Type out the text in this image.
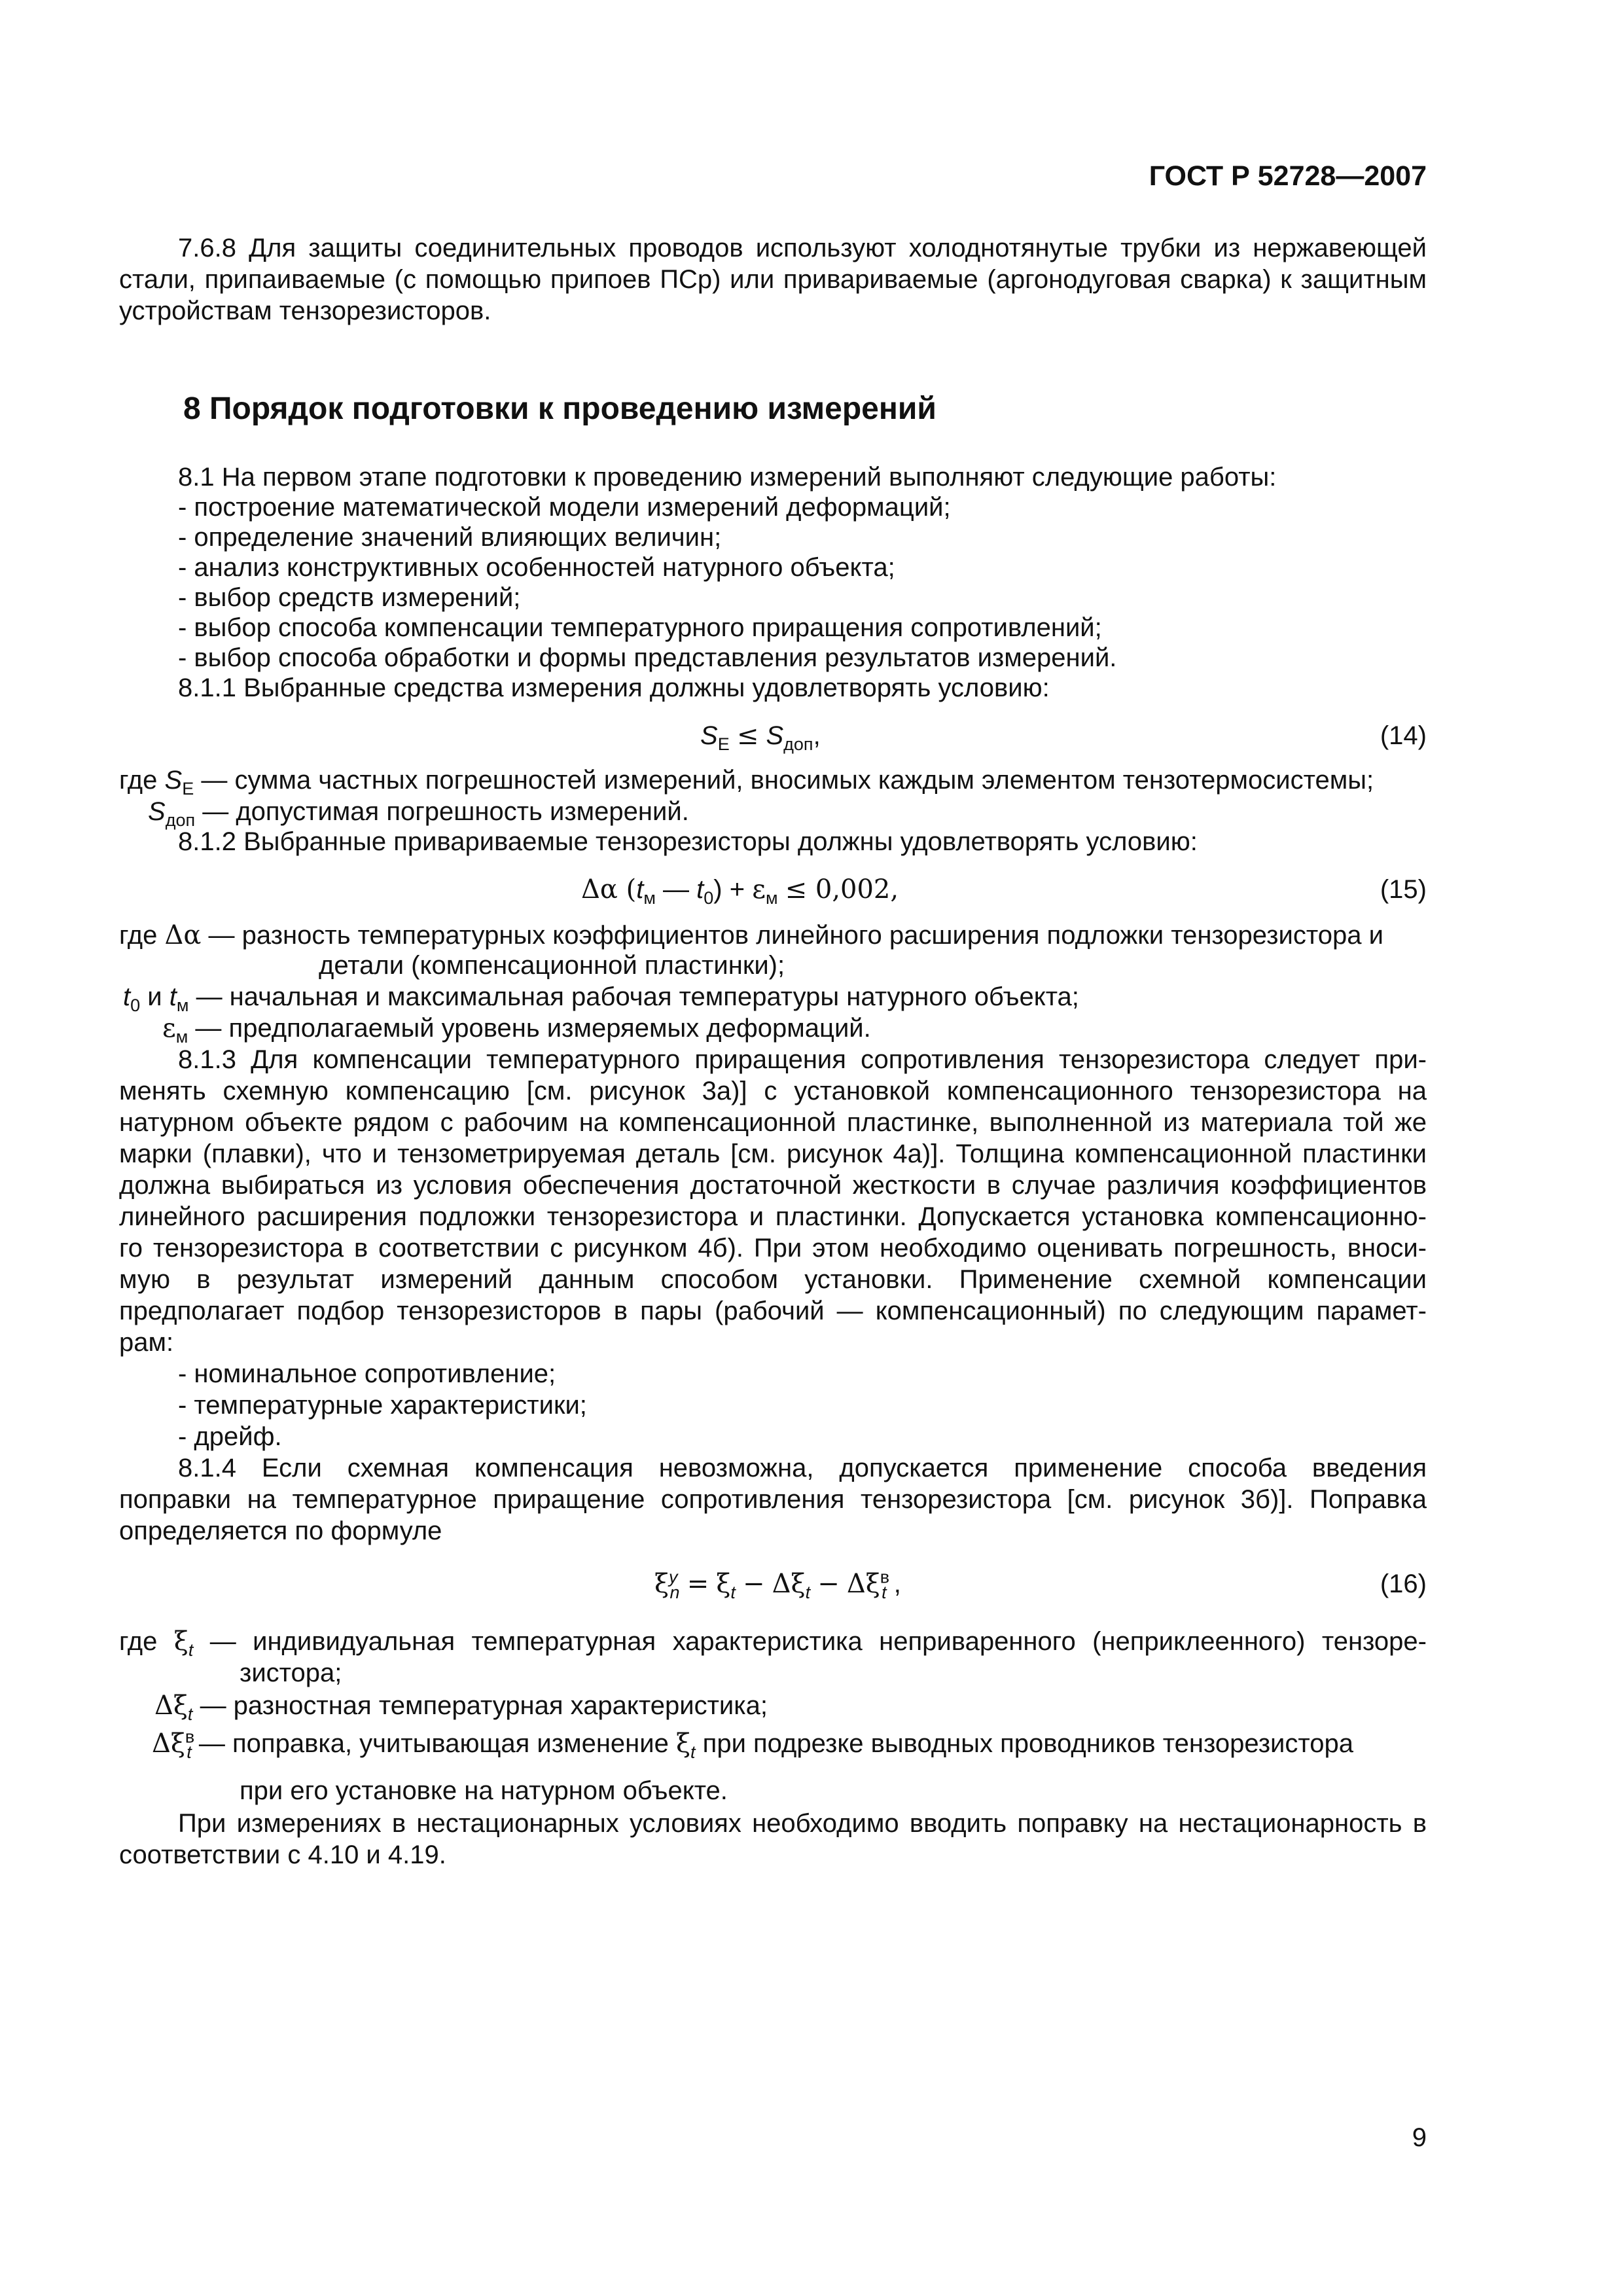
ГОСТ Р 52728—2007
7.6.8 Для защиты соединительных проводов используют холоднотянутые трубки из нержавеющей
стали, припаиваемые (с помощью припоев ПСр) или привариваемые (аргонодуговая сварка) к защитным
устройствам тензорезисторов.
8 Порядок подготовки к проведению измерений
8.1 На первом этапе подготовки к проведению измерений выполняют следующие работы:
- построение математической модели измерений деформаций;
- определение значений влияющих величин;
- анализ конструктивных особенностей натурного объекта;
- выбор средств измерений;
- выбор способа компенсации температурного приращения сопротивлений;
- выбор способа обработки и формы представления результатов измерений.
8.1.1 Выбранные средства измерения должны удовлетворять условию:
$S_E \le S_{доп}$,	(14)
где $S_E$ — сумма частных погрешностей измерений, вносимых каждым элементом тензотермосистемы;
$S_{доп}$ — допустимая погрешность измерений.
8.1.2 Выбранные привариваемые тензорезисторы должны удовлетворять условию:
Δα ($t_м$ — $t_0) + \varepsilon_м \le 0,002$,	(15)
где Δα — разность температурных коэффициентов линейного расширения подложки тензорезистора и
детали (компенсационной пластинки);
$t_0$ и $t_м$ — начальная и максимальная рабочая температуры натурного объекта;
$\varepsilon_м$ — предполагаемый уровень измеряемых деформаций.
8.1.3 Для компенсации температурного приращения сопротивления тензорезистора следует при-
менять схемную компенсацию [см. рисунок 3а)] с установкой компенсационного тензорезистора на
натурном объекте рядом с рабочим на компенсационной пластинке, выполненной из материала той же
марки (плавки), что и тензометрируемая деталь [см. рисунок 4а)]. Толщина компенсационной пластинки
должна выбираться из условия обеспечения достаточной жесткости в случае различия коэффициентов
линейного расширения подложки тензорезистора и пластинки. Допускается установка компенсационно-
го тензорезистора в соответствии с рисунком 4б). При этом необходимо оценивать погрешность, вноси-
мую в результат измерений данным способом установки. Применение схемной компенсации
предполагает подбор тензорезисторов в пары (рабочий — компенсационный) по следующим парамет-
рам:
- номинальное сопротивление;
- температурные характеристики;
- дрейф.
8.1.4 Если схемная компенсация невозможна, допускается применение способа введения
поправки на температурное приращение сопротивления тензорезистора [см. рисунок 3б)]. Поправка
определяется по формуле
$\xi^y_n = \xi_t - \Delta\xi_t - \Delta\xi^в_t$ ,	(16)
где $\xi_t$ — индивидуальная температурная характеристика неприваренного (неприклеенного) тензоре-
зистора;
$\Delta\xi_t$ — разностная температурная характеристика;
$\Delta\xi^в_t$ — поправка, учитывающая изменение $\xi_t$ при подрезке выводных проводников тензорезистора
при его установке на натурном объекте.
При измерениях в нестационарных условиях необходимо вводить поправку на нестационарность в
соответствии с 4.10 и 4.19.
9
